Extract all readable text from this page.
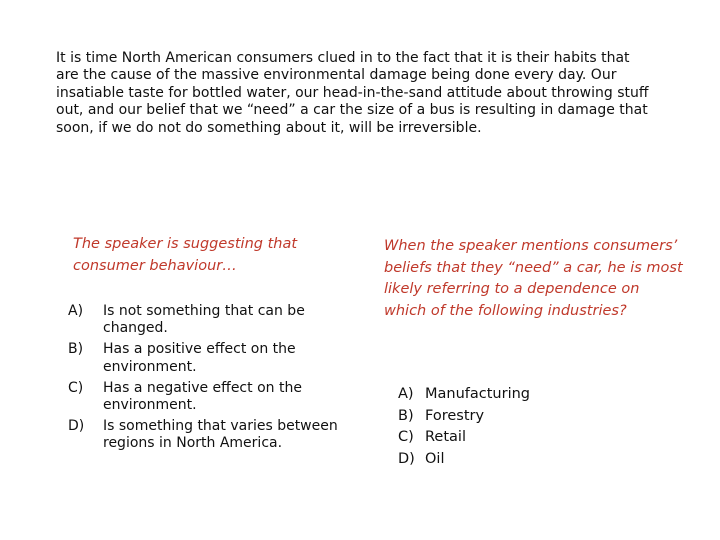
It is time North American consumers clued in to the fact that it is their habits that are the cause of the massive environmental damage being done every day. Our insatiable taste for bottled water, our head-in-the-sand attitude about throwing stuff out, and our belief that we “need” a car the size of a bus is resulting in damage that soon, if we do not do something about it, will be irreversible.
The speaker is suggesting that consumer behaviour…
A)	Is not something that can be changed.
B)	Has a positive effect on the environment.
C)	Has a negative effect on the environment.
D)	Is something that varies between regions in North America.
When the speaker mentions consumers’ beliefs that they “need” a car, he is most likely referring to a dependence on which of the following industries?
A) Manufacturing
B) Forestry
C) Retail
D) Oil
